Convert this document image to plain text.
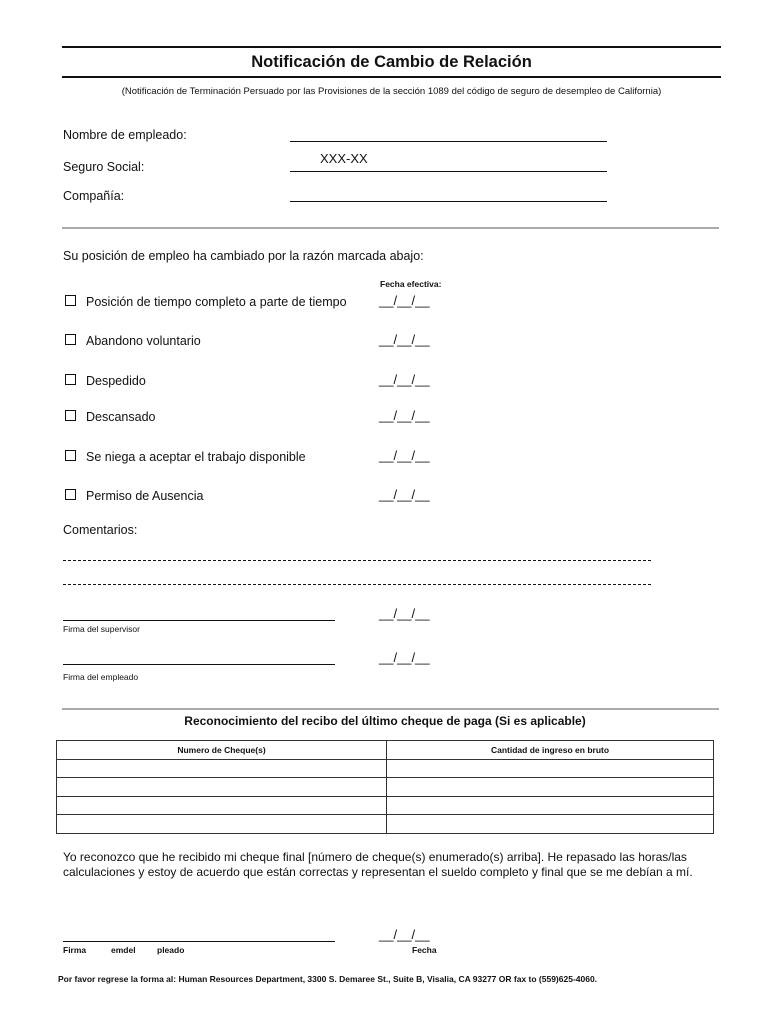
Notificación de Cambio de Relación
(Notificación de Terminación Persuado por las Provisiones de la sección 1089 del código de seguro de desempleo de California)
Nombre de empleado:
Seguro Social:
XXX-XX
Compañía:
Su posición de empleo ha cambiado por la razón marcada abajo:
Fecha efectiva:
Posición de tiempo completo a parte de tiempo __/__/__
Abandono voluntario	__/__/__
Despedido	__/__/__
Descansado	__/__/__
Se niega a aceptar el trabajo disponible	__/__/__
Permiso de Ausencia	__/__/__
Comentarios:
__/__/__
Firma del supervisor
__/__/__
Firma del empleado
Reconocimiento del recibo del último cheque de paga (Si es aplicable)
Numero de Cheque(s)	Cantidad de ingreso en bruto

Yo reconozco que he recibido mi cheque final [número de cheque(s) enumerado(s) arriba]. He repasado las horas/las calculaciones y estoy de acuerdo que están correctas y representan el sueldo completo y final que se me debían a mí.
Firma	emdel	pleado
__/__/__
Fecha
Por favor regrese la forma al: Human Resources Department, 3300 S. Demaree St., Suite B, Visalia, CA 93277 OR fax to (559)625-4060.
